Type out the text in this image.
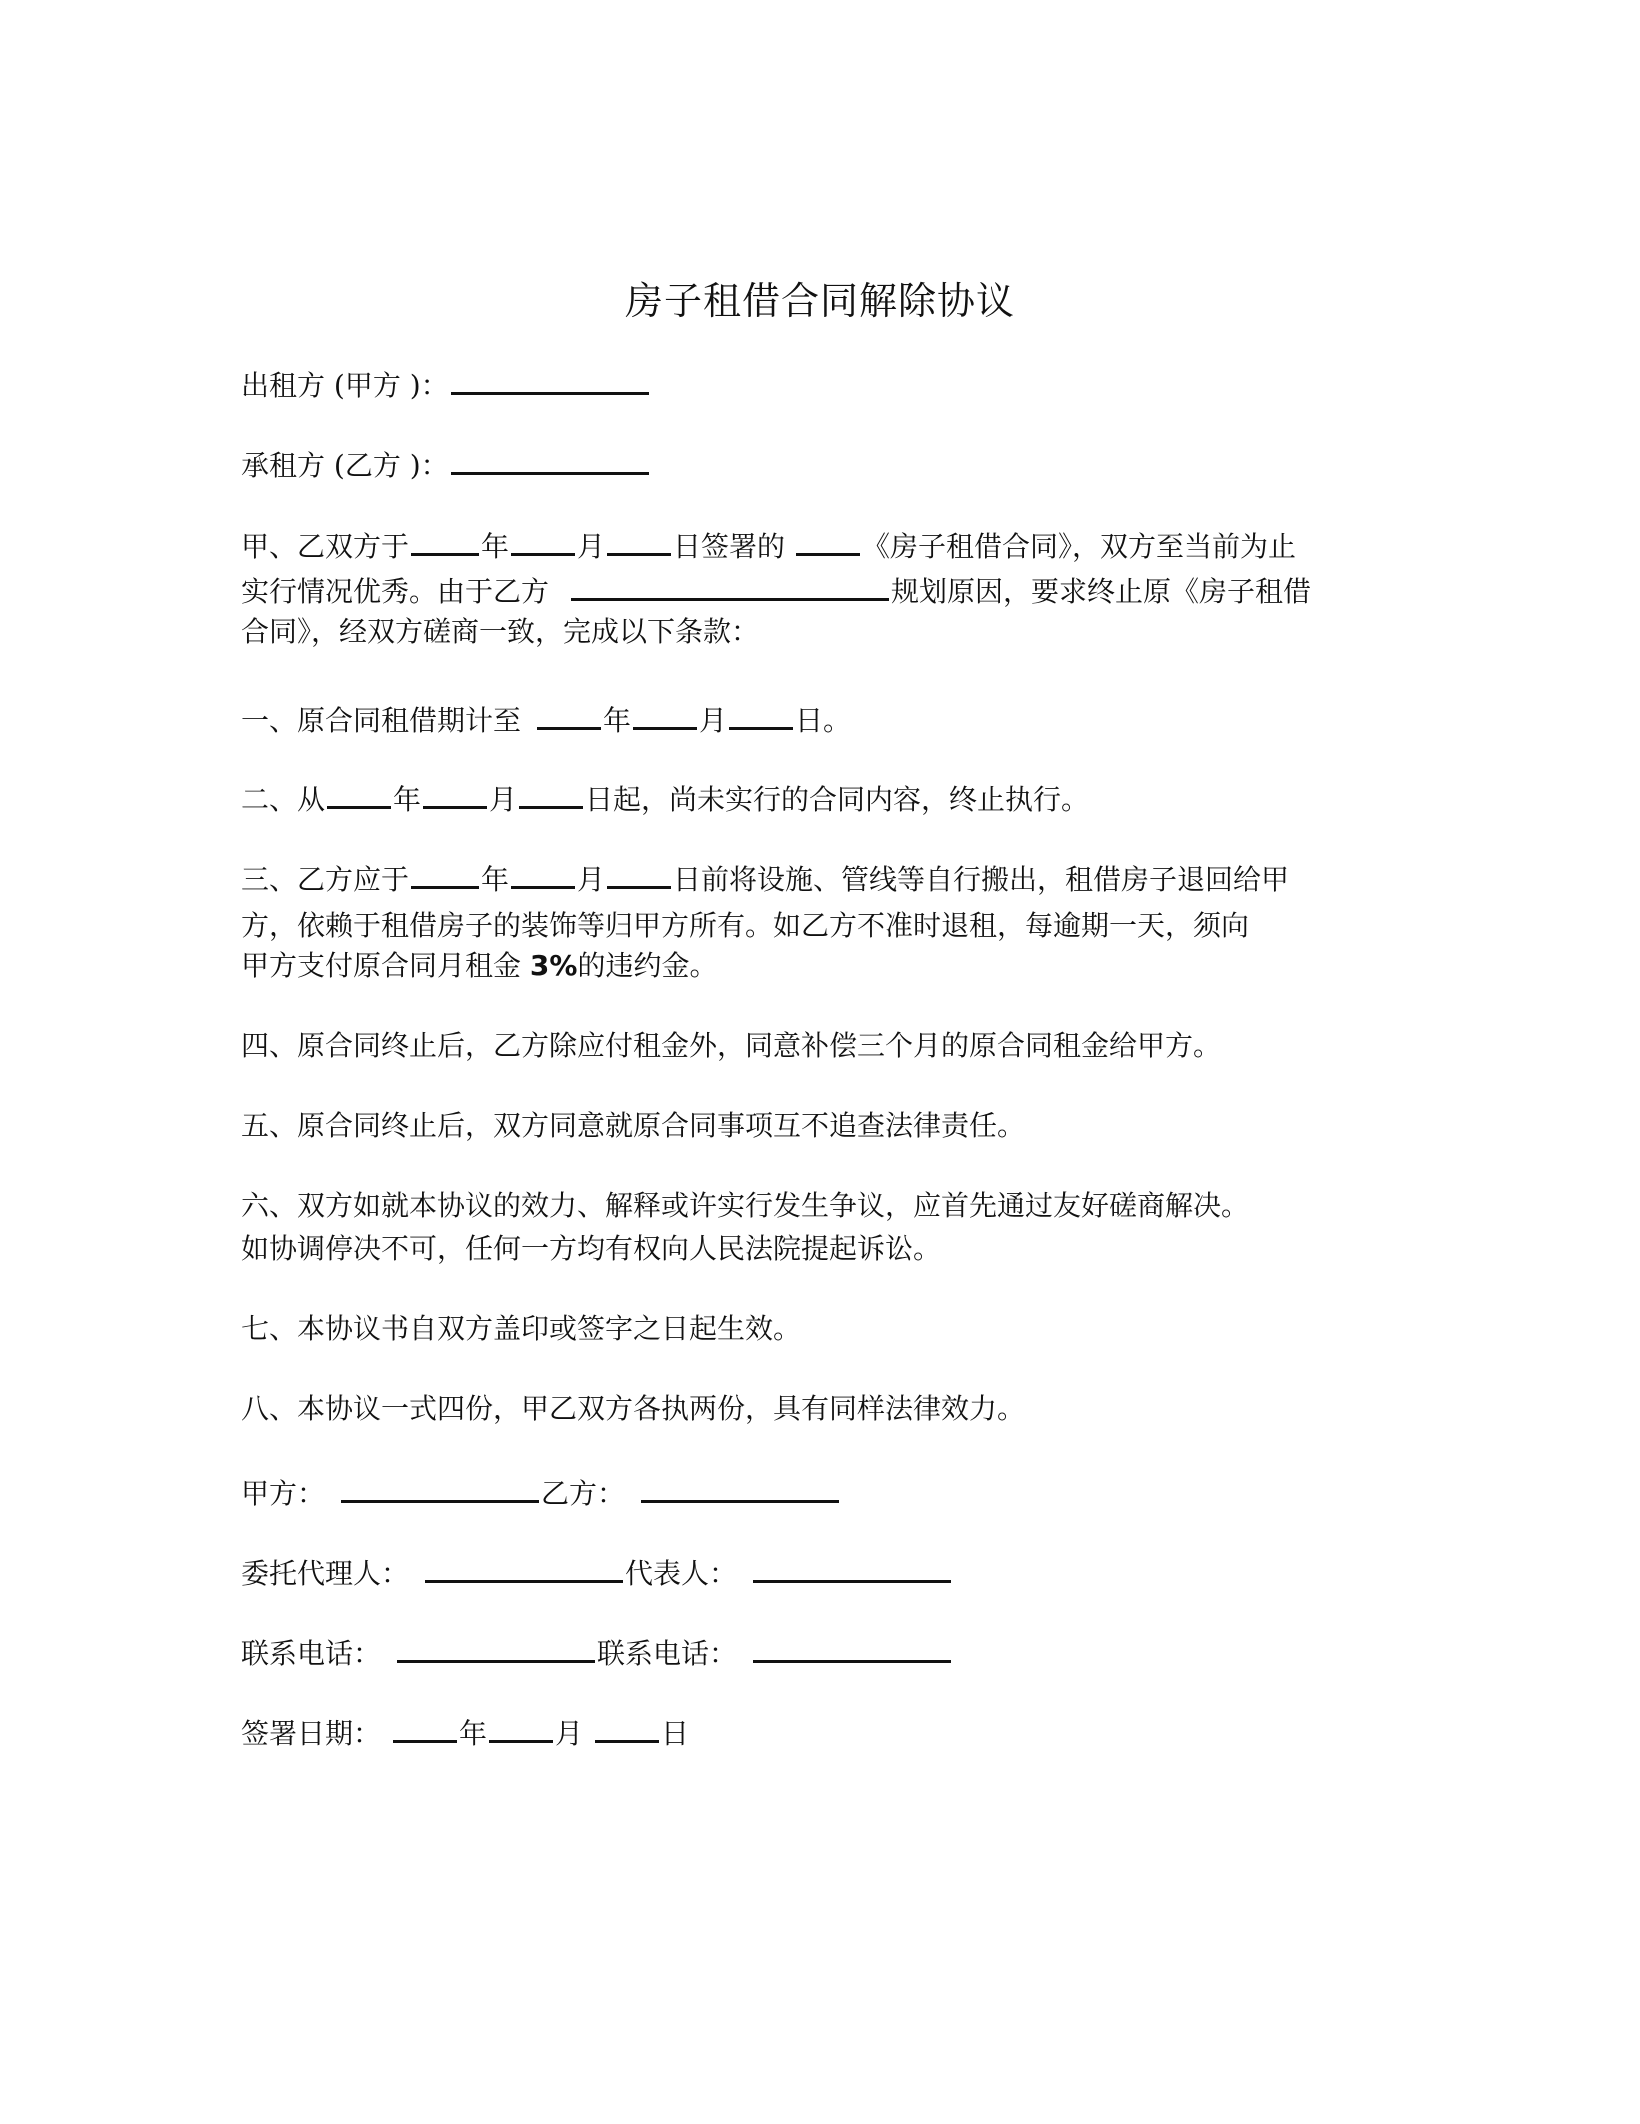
房子租借合同解除协议
出租方 (甲方 )：
承租方 (乙方 )：
甲、乙双方于	年 月 日签署的	《房子租借合同》，双方至当前为止
实行情况优秀。由于乙方	规划原因，要求终止原《房子租借
合同》，经双方磋商一致，完成以下条款：
一、原合同租借期计至	年 月 日。
二、从 年 月 日起，尚未实行的合同内容，终止执行。
三、乙方应于	年 月 日前将设施、管线等自行搬出，租借房子退回给甲
方，依赖于租借房子的装饰等归甲方所有。如乙方不准时退租，每逾期一天，须向
甲方支付原合同月租金 3%的违约金。
四、原合同终止后，乙方除应付租金外，同意补偿三个月的原合同租金给甲方。
五、原合同终止后，双方同意就原合同事项互不追查法律责任。
六、双方如就本协议的效力、解释或许实行发生争议，应首先通过友好磋商解决。
如协调停决不可，任何一方均有权向人民法院提起诉讼。
七、本协议书自双方盖印或签字之日起生效。
八、本协议一式四份，甲乙双方各执两份，具有同样法律效力。
甲方：	乙方：
委托代理人：	代表人：
联系电话：	联系电话：
签署日期：	年 月	日
